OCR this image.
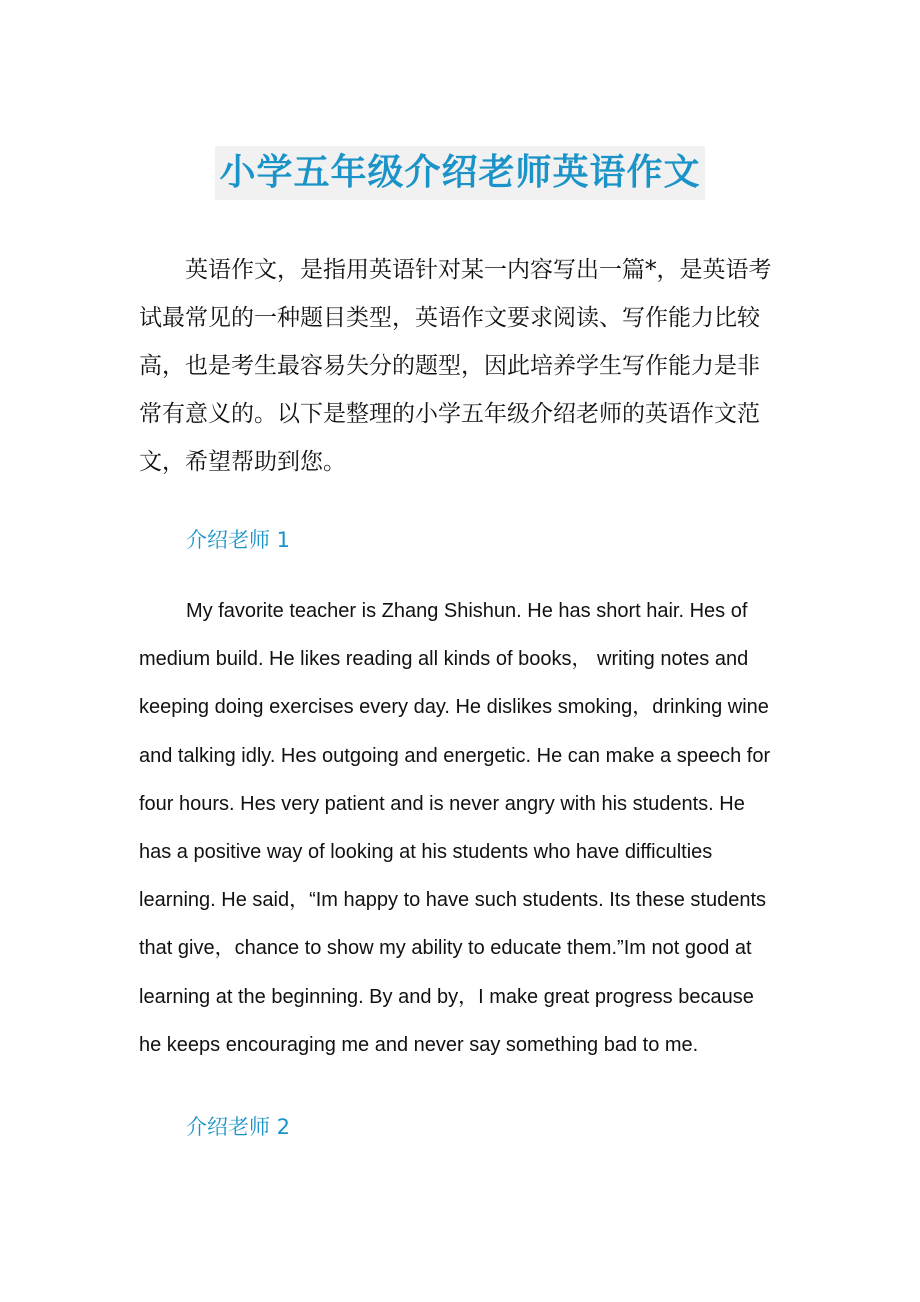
小学五年级介绍老师英语作文

英语作文，是指用英语针对某一内容写出一篇*，是英语考试最常见的一种题目类型，英语作文要求阅读、写作能力比较高，也是考生最容易失分的题型，因此培养学生写作能力是非常有意义的。以下是整理的小学五年级介绍老师的英语作文范文，希望帮助到您。

介绍老师 1

My favorite teacher is Zhang Shishun. He has short hair. Hes of medium build. He likes reading all kinds of books， writing notes and keeping doing exercises every day. He dislikes smoking，drinking wine and talking idly. Hes outgoing and energetic. He can make a speech for four hours. Hes very patient and is never angry with his students. He has a positive way of looking at his students who have difficulties learning. He said，“Im happy to have such students. Its these students that give，chance to show my ability to educate them.”Im not good at learning at the beginning. By and by，I make great progress because he keeps encouraging me and never say something bad to me.

介绍老师 2
